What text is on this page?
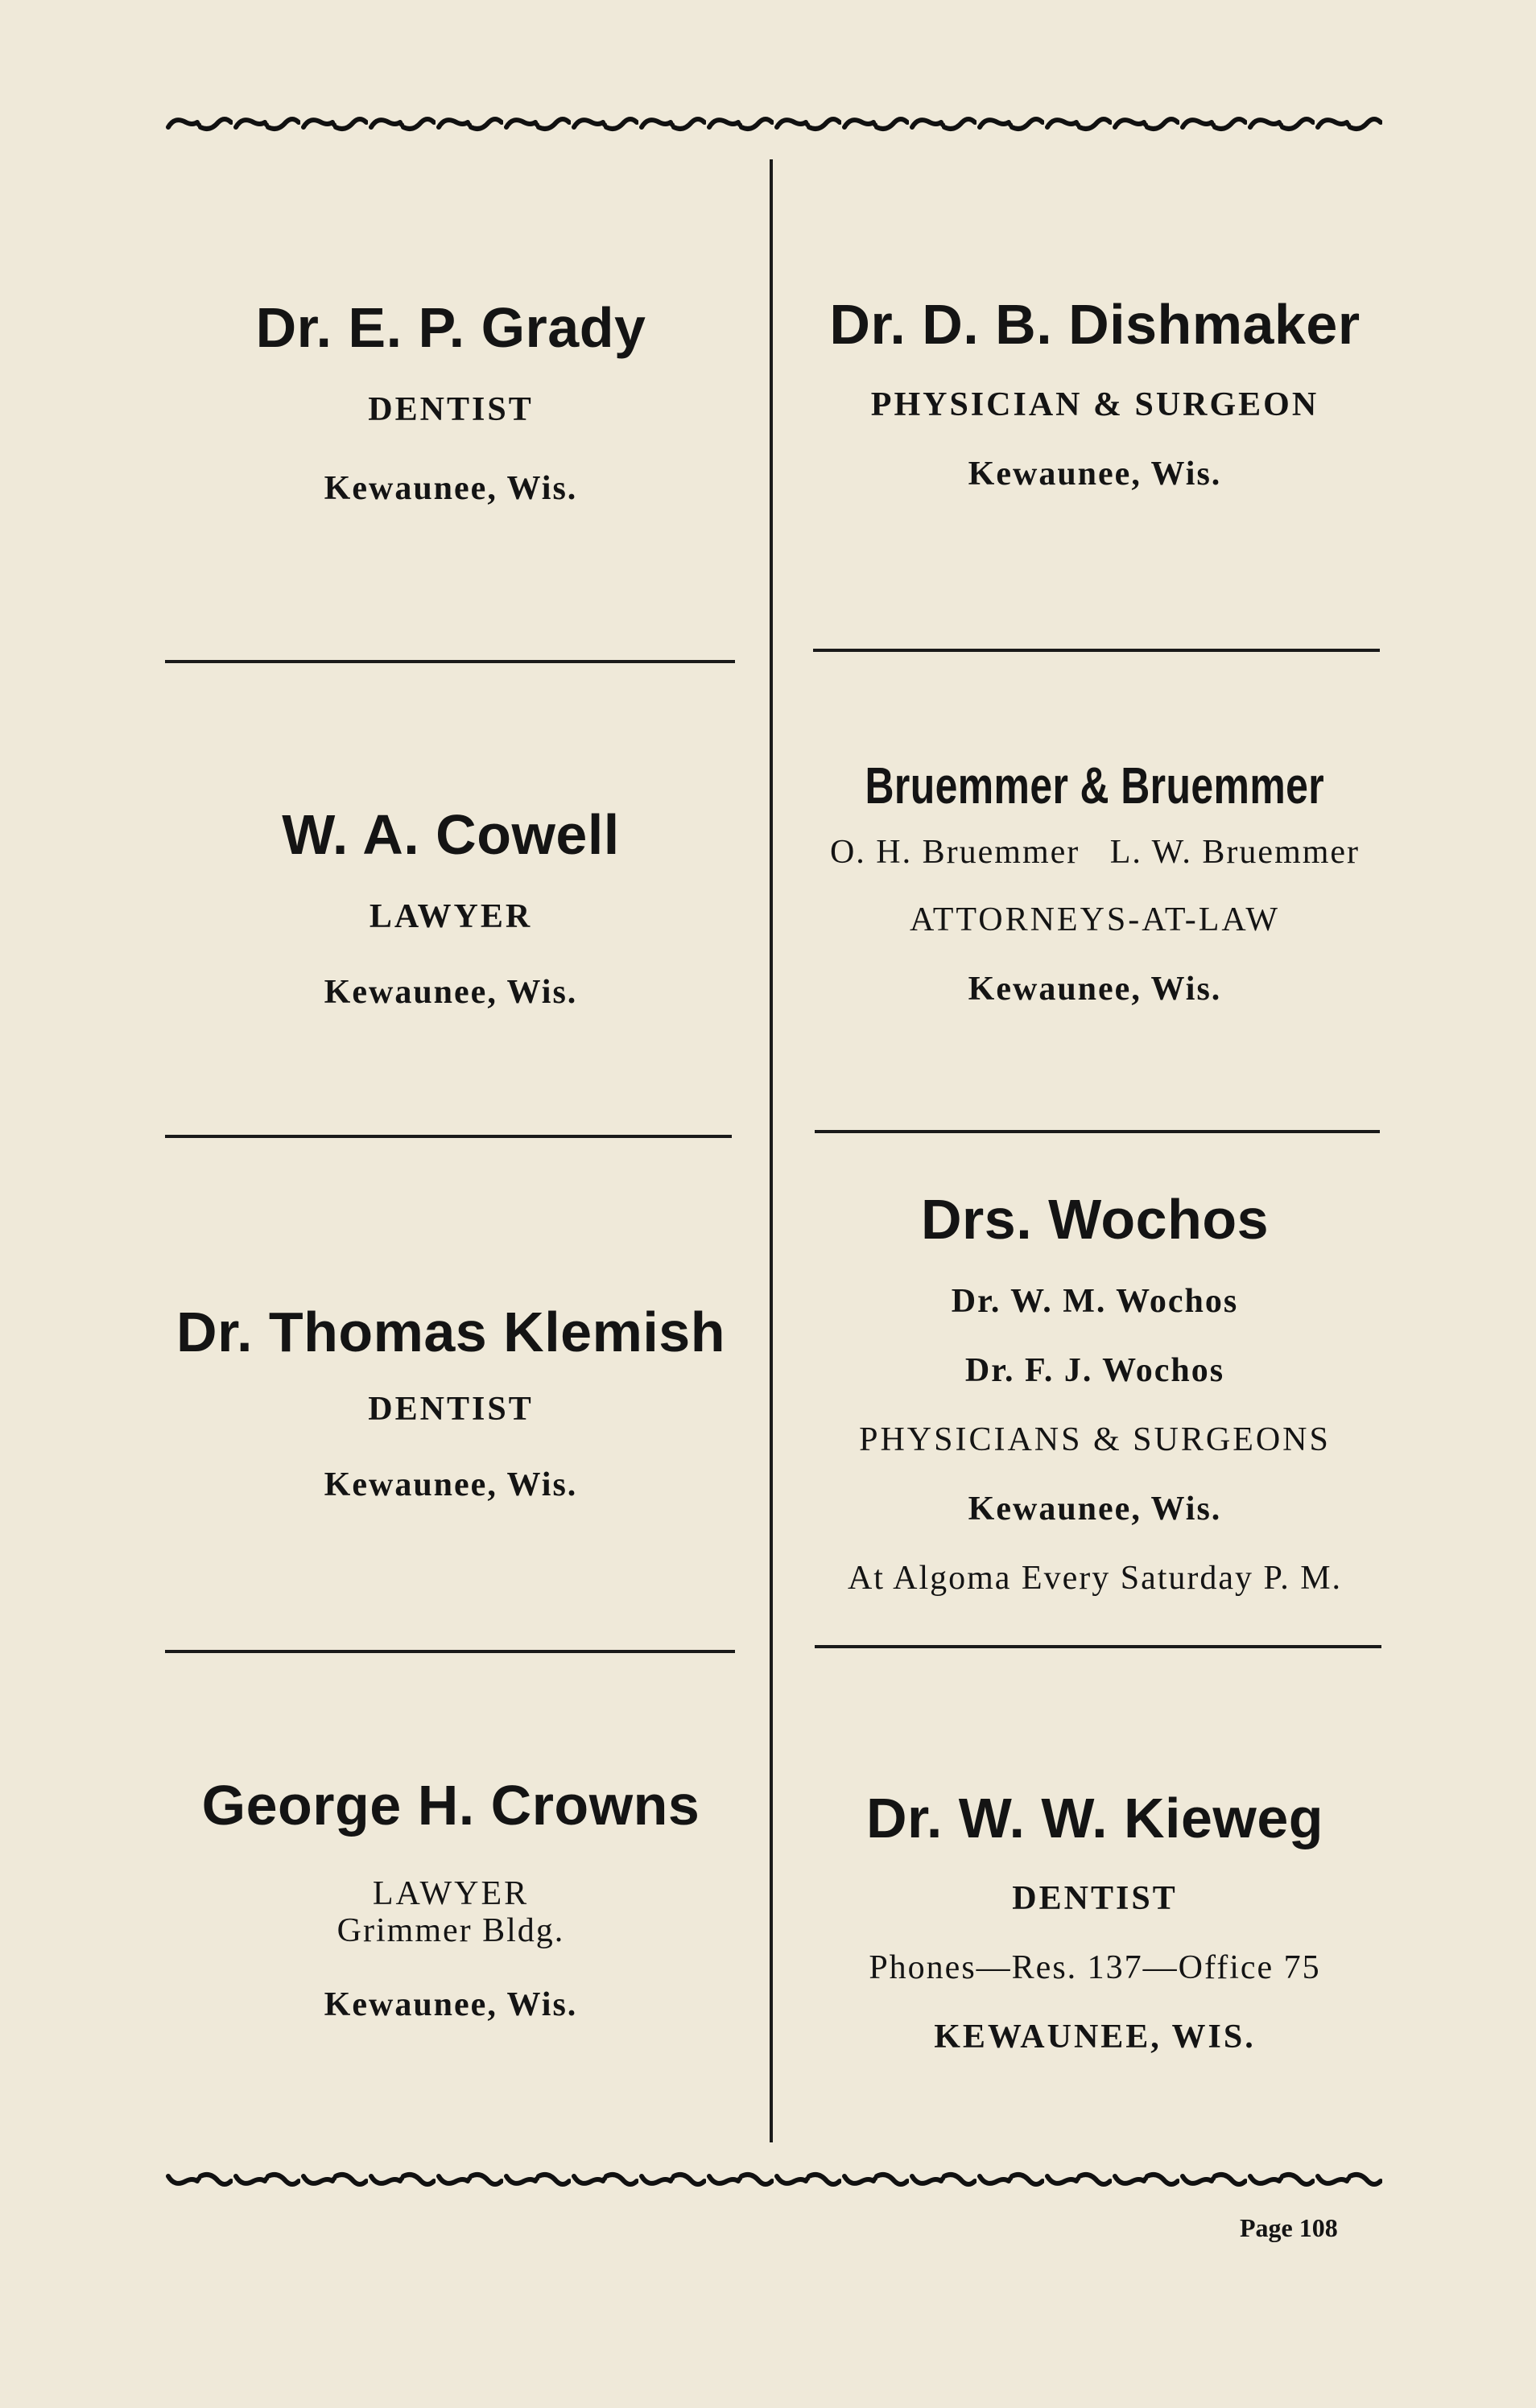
Dr. E. P. Grady

DENTIST

Kewaunee, Wis.

Dr. D. B. Dishmaker

PHYSICIAN & SURGEON

Kewaunee, Wis.

W. A. Cowell

LAWYER

Kewaunee, Wis.

Bruemmer & Bruemmer

O. H. Bruemmer   L. W. Bruemmer

ATTORNEYS-AT-LAW

Kewaunee, Wis.

Dr. Thomas Klemish

DENTIST

Kewaunee, Wis.

Drs. Wochos

Dr. W. M. Wochos

Dr. F. J. Wochos

PHYSICIANS & SURGEONS

Kewaunee, Wis.

At Algoma Every Saturday P. M.

George H. Crowns

LAWYER

Grimmer Bldg.

Kewaunee, Wis.

Dr. W. W. Kieweg

DENTIST

Phones—Res. 137—Office 75

KEWAUNEE, WIS.

Page 108
